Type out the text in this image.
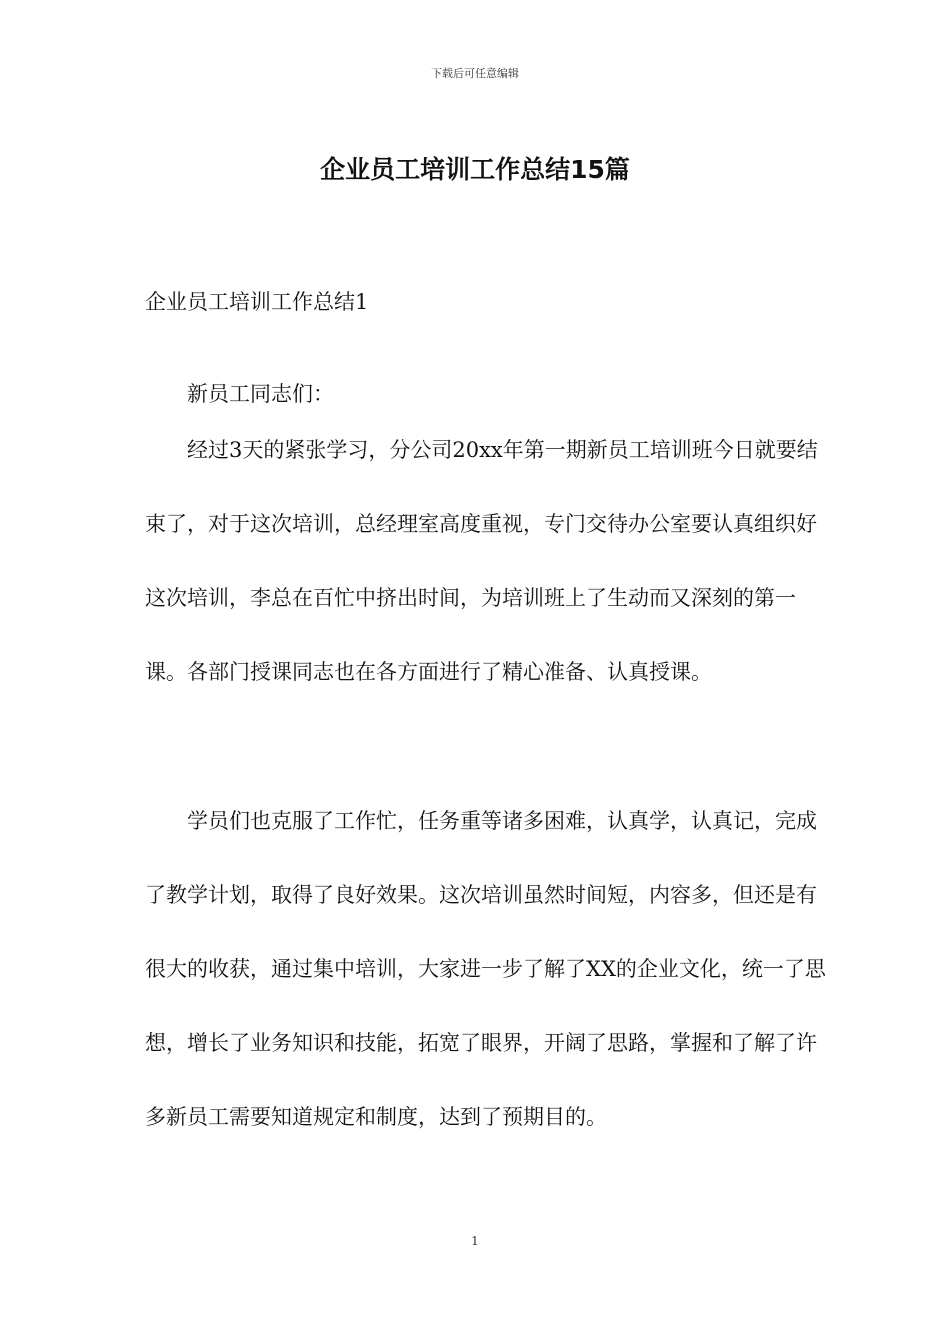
下载后可任意编辑
企业员工培训工作总结15篇

企业员工培训工作总结1

新员工同志们：

经过3天的紧张学习，分公司20xx年第一期新员工培训班今日就要结束了，对于这次培训，总经理室高度重视，专门交待办公室要认真组织好这次培训，李总在百忙中挤出时间，为培训班上了生动而又深刻的第一课。各部门授课同志也在各方面进行了精心准备、认真授课。

学员们也克服了工作忙，任务重等诸多困难，认真学，认真记，完成了教学计划，取得了良好效果。这次培训虽然时间短，内容多，但还是有很大的收获，通过集中培训，大家进一步了解了XX的企业文化，统一了思想，增长了业务知识和技能，拓宽了眼界，开阔了思路，掌握和了解了许多新员工需要知道规定和制度，达到了预期目的。

1
